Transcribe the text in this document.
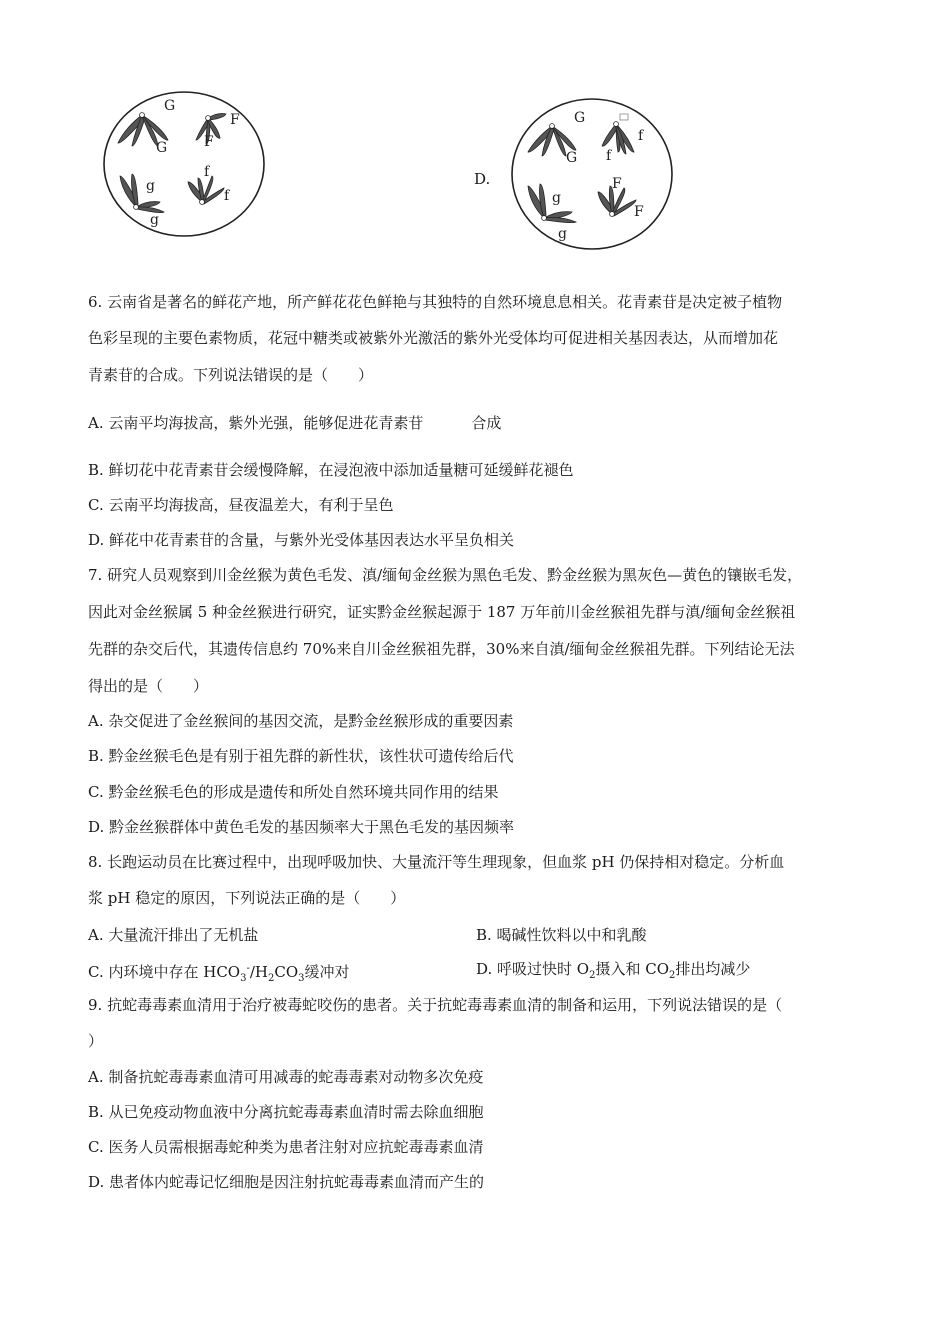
G
G
F
F
g
g
f
f
D.
G
G
f
f
g
g
F
F
6. 云南省是著名的鲜花产地，所产鲜花花色鲜艳与其独特的自然环境息息相关。花青素苷是决定被子植物
色彩呈现的主要色素物质，花冠中糖类或被紫外光激活的紫外光受体均可促进相关基因表达，从而增加花
青素苷的合成。下列说法错误的是（　　）
A. 云南平均海拔高，紫外光强，能够促进花青素苷	合成
B. 鲜切花中花青素苷会缓慢降解，在浸泡液中添加适量糖可延缓鲜花褪色
C. 云南平均海拔高，昼夜温差大，有利于呈色
D. 鲜花中花青素苷的含量，与紫外光受体基因表达水平呈负相关
7. 研究人员观察到川金丝猴为黄色毛发、滇/缅甸金丝猴为黑色毛发、黔金丝猴为黑灰色—黄色的镶嵌毛发，
因此对金丝猴属 5 种金丝猴进行研究，证实黔金丝猴起源于 187 万年前川金丝猴祖先群与滇/缅甸金丝猴祖
先群的杂交后代，其遗传信息约 70%来自川金丝猴祖先群，30%来自滇/缅甸金丝猴祖先群。下列结论无法
得出的是（　　）
A. 杂交促进了金丝猴间的基因交流，是黔金丝猴形成的重要因素
B. 黔金丝猴毛色是有别于祖先群的新性状，该性状可遗传给后代
C. 黔金丝猴毛色的形成是遗传和所处自然环境共同作用的结果
D. 黔金丝猴群体中黄色毛发的基因频率大于黑色毛发的基因频率
8. 长跑运动员在比赛过程中，出现呼吸加快、大量流汗等生理现象，但血浆 pH 仍保持相对稳定。分析血
浆 pH 稳定的原因，下列说法正确的是（　　）
A. 大量流汗排出了无机盐	B. 喝碱性饮料以中和乳酸
C. 内环境中存在 $HCO_3^-/H_2CO_3$缓冲对	D. 呼吸过快时 $O_2$摄入和 $CO_2$排出均减少
9. 抗蛇毒毒素血清用于治疗被毒蛇咬伤的患者。关于抗蛇毒毒素血清的制备和运用，下列说法错误的是（
）
A. 制备抗蛇毒毒素血清可用减毒的蛇毒毒素对动物多次免疫
B. 从已免疫动物血液中分离抗蛇毒毒素血清时需去除血细胞
C. 医务人员需根据毒蛇种类为患者注射对应抗蛇毒毒素血清
D. 患者体内蛇毒记忆细胞是因注射抗蛇毒毒素血清而产生的
